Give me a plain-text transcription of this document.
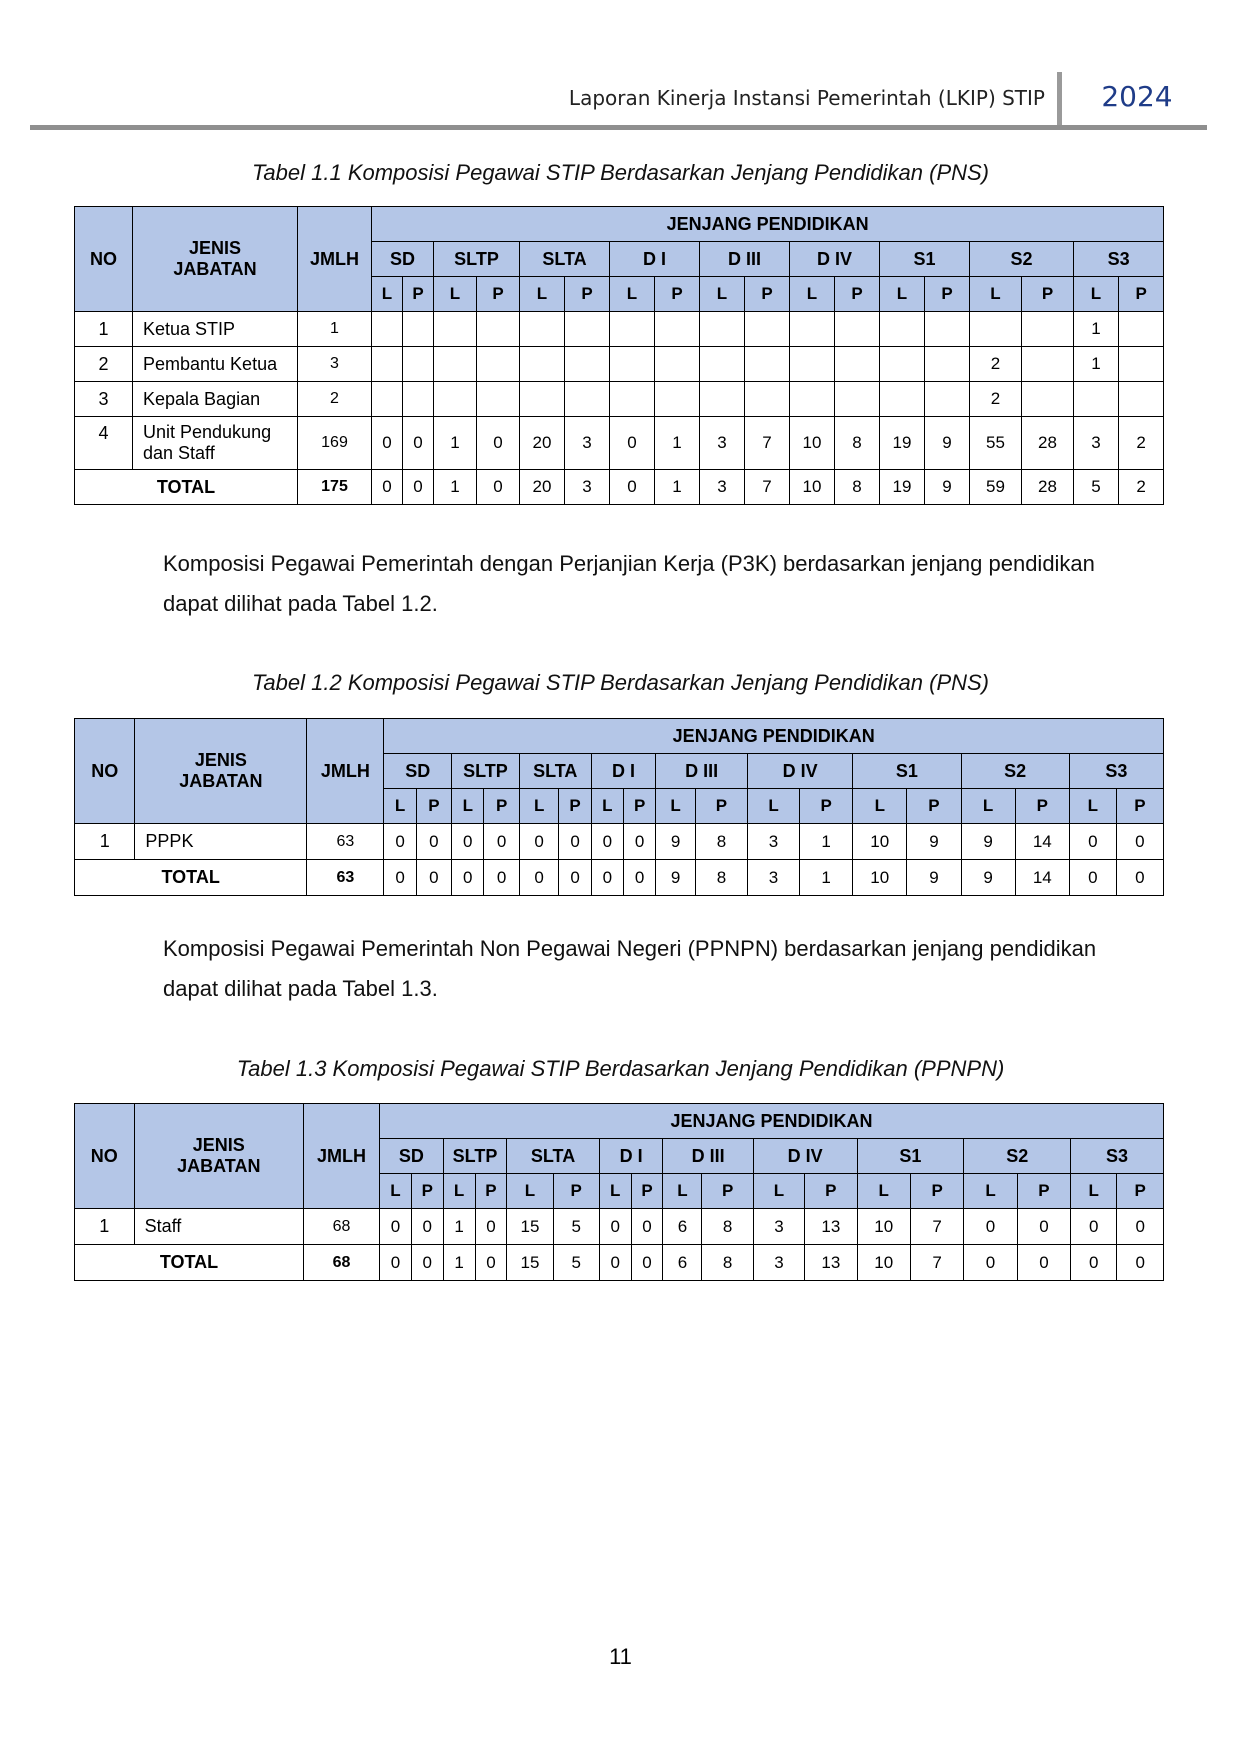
Laporan Kinerja Instansi Pemerintah (LKIP) STIP	2024
Tabel 1.1 Komposisi Pegawai STIP Berdasarkan Jenjang Pendidikan (PNS)
NO	JENIS JABATAN	JMLH	JENJANG PENDIDIKAN																	
			SD		SLTP		SLTA		D I		D III		D IV		S1		S2		S3	
			L	P	L	P	L	P	L	P	L	P	L	P	L	P	L	P	L	P
1	Ketua STIP	1																	1	
2	Pembantu Ketua	3															2		1	
3	Kepala Bagian	2															2			
4	Unit Pendukung dan Staff	169	0	0	1	0	20	3	0	1	3	7	10	8	19	9	55	28	3	2
TOTAL		175	0	0	1	0	20	3	0	1	3	7	10	8	19	9	59	28	5	2

Komposisi Pegawai Pemerintah dengan Perjanjian Kerja (P3K) berdasarkan jenjang pendidikan dapat dilihat pada Tabel 1.2.

Tabel 1.2 Komposisi Pegawai STIP Berdasarkan Jenjang Pendidikan (PNS)
NO	JENIS JABATAN	JMLH	JENJANG PENDIDIKAN																	
			SD		SLTP		SLTA		D I		D III		D IV		S1		S2		S3	
			L	P	L	P	L	P	L	P	L	P	L	P	L	P	L	P	L	P
1	PPPK	63	0	0	0	0	0	0	0	0	9	8	3	1	10	9	9	14	0	0
TOTAL		63	0	0	0	0	0	0	0	0	9	8	3	1	10	9	9	14	0	0

Komposisi Pegawai Pemerintah Non Pegawai Negeri (PPNPN) berdasarkan jenjang pendidikan dapat dilihat pada Tabel 1.3.

Tabel 1.3 Komposisi Pegawai STIP Berdasarkan Jenjang Pendidikan (PPNPN)
NO	JENIS JABATAN	JMLH	JENJANG PENDIDIKAN																	
			SD		SLTP		SLTA		D I		D III		D IV		S1		S2		S3	
			L	P	L	P	L	P	L	P	L	P	L	P	L	P	L	P	L	P
1	Staff	68	0	0	1	0	15	5	0	0	6	8	3	13	10	7	0	0	0	0
TOTAL		68	0	0	1	0	15	5	0	0	6	8	3	13	10	7	0	0	0	0
11
